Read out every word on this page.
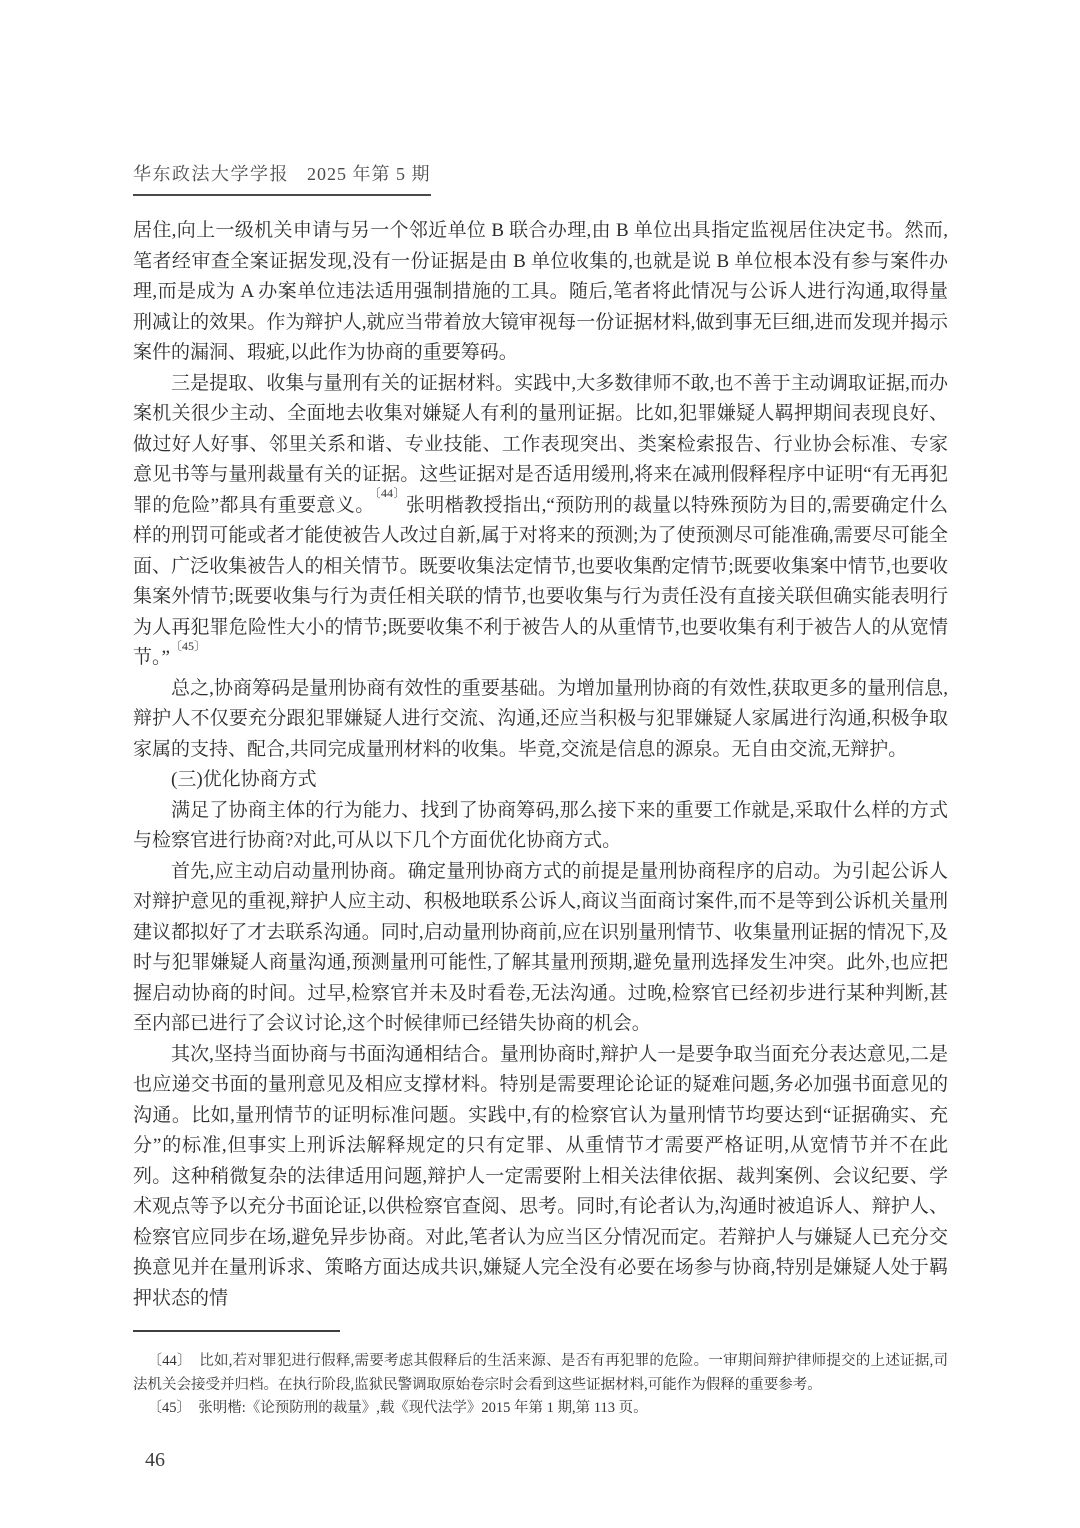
华东政法大学学报 2025 年第 5 期

居住,向上一级机关申请与另一个邻近单位 B 联合办理,由 B 单位出具指定监视居住决定书。然而,笔者经审查全案证据发现,没有一份证据是由 B 单位收集的,也就是说 B 单位根本没有参与案件办理,而是成为 A 办案单位违法适用强制措施的工具。随后,笔者将此情况与公诉人进行沟通,取得量刑减让的效果。作为辩护人,就应当带着放大镜审视每一份证据材料,做到事无巨细,进而发现并揭示案件的漏洞、瑕疵,以此作为协商的重要筹码。

三是提取、收集与量刑有关的证据材料。实践中,大多数律师不敢,也不善于主动调取证据,而办案机关很少主动、全面地去收集对嫌疑人有利的量刑证据。比如,犯罪嫌疑人羁押期间表现良好、做过好人好事、邻里关系和谐、专业技能、工作表现突出、类案检索报告、行业协会标准、专家意见书等与量刑裁量有关的证据。这些证据对是否适用缓刑,将来在减刑假释程序中证明“有无再犯罪的危险”都具有重要意义。$^{〔44〕}$张明楷教授指出,“预防刑的裁量以特殊预防为目的,需要确定什么样的刑罚可能或者才能使被告人改过自新,属于对将来的预测;为了使预测尽可能准确,需要尽可能全面、广泛收集被告人的相关情节。既要收集法定情节,也要收集酌定情节;既要收集案中情节,也要收集案外情节;既要收集与行为责任相关联的情节,也要收集与行为责任没有直接关联但确实能表明行为人再犯罪危险性大小的情节;既要收集不利于被告人的从重情节,也要收集有利于被告人的从宽情节。”$^{〔45〕}$

总之,协商筹码是量刑协商有效性的重要基础。为增加量刑协商的有效性,获取更多的量刑信息,辩护人不仅要充分跟犯罪嫌疑人进行交流、沟通,还应当积极与犯罪嫌疑人家属进行沟通,积极争取家属的支持、配合,共同完成量刑材料的收集。毕竟,交流是信息的源泉。无自由交流,无辩护。

(三)优化协商方式

满足了协商主体的行为能力、找到了协商筹码,那么接下来的重要工作就是,采取什么样的方式与检察官进行协商?对此,可从以下几个方面优化协商方式。

首先,应主动启动量刑协商。确定量刑协商方式的前提是量刑协商程序的启动。为引起公诉人对辩护意见的重视,辩护人应主动、积极地联系公诉人,商议当面商讨案件,而不是等到公诉机关量刑建议都拟好了才去联系沟通。同时,启动量刑协商前,应在识别量刑情节、收集量刑证据的情况下,及时与犯罪嫌疑人商量沟通,预测量刑可能性,了解其量刑预期,避免量刑选择发生冲突。此外,也应把握启动协商的时间。过早,检察官并未及时看卷,无法沟通。过晚,检察官已经初步进行某种判断,甚至内部已进行了会议讨论,这个时候律师已经错失协商的机会。

其次,坚持当面协商与书面沟通相结合。量刑协商时,辩护人一是要争取当面充分表达意见,二是也应递交书面的量刑意见及相应支撑材料。特别是需要理论论证的疑难问题,务必加强书面意见的沟通。比如,量刑情节的证明标准问题。实践中,有的检察官认为量刑情节均要达到“证据确实、充分”的标准,但事实上刑诉法解释规定的只有定罪、从重情节才需要严格证明,从宽情节并不在此列。这种稍微复杂的法律适用问题,辩护人一定需要附上相关法律依据、裁判案例、会议纪要、学术观点等予以充分书面论证,以供检察官查阅、思考。同时,有论者认为,沟通时被追诉人、辩护人、检察官应同步在场,避免异步协商。对此,笔者认为应当区分情况而定。若辩护人与嫌疑人已充分交换意见并在量刑诉求、策略方面达成共识,嫌疑人完全没有必要在场参与协商,特别是嫌疑人处于羁押状态的情

〔44〕 比如,若对罪犯进行假释,需要考虑其假释后的生活来源、是否有再犯罪的危险。一审期间辩护律师提交的上述证据,司法机关会接受并归档。在执行阶段,监狱民警调取原始卷宗时会看到这些证据材料,可能作为假释的重要参考。

〔45〕 张明楷:《论预防刑的裁量》,载《现代法学》2015 年第 1 期,第 113 页。

46
